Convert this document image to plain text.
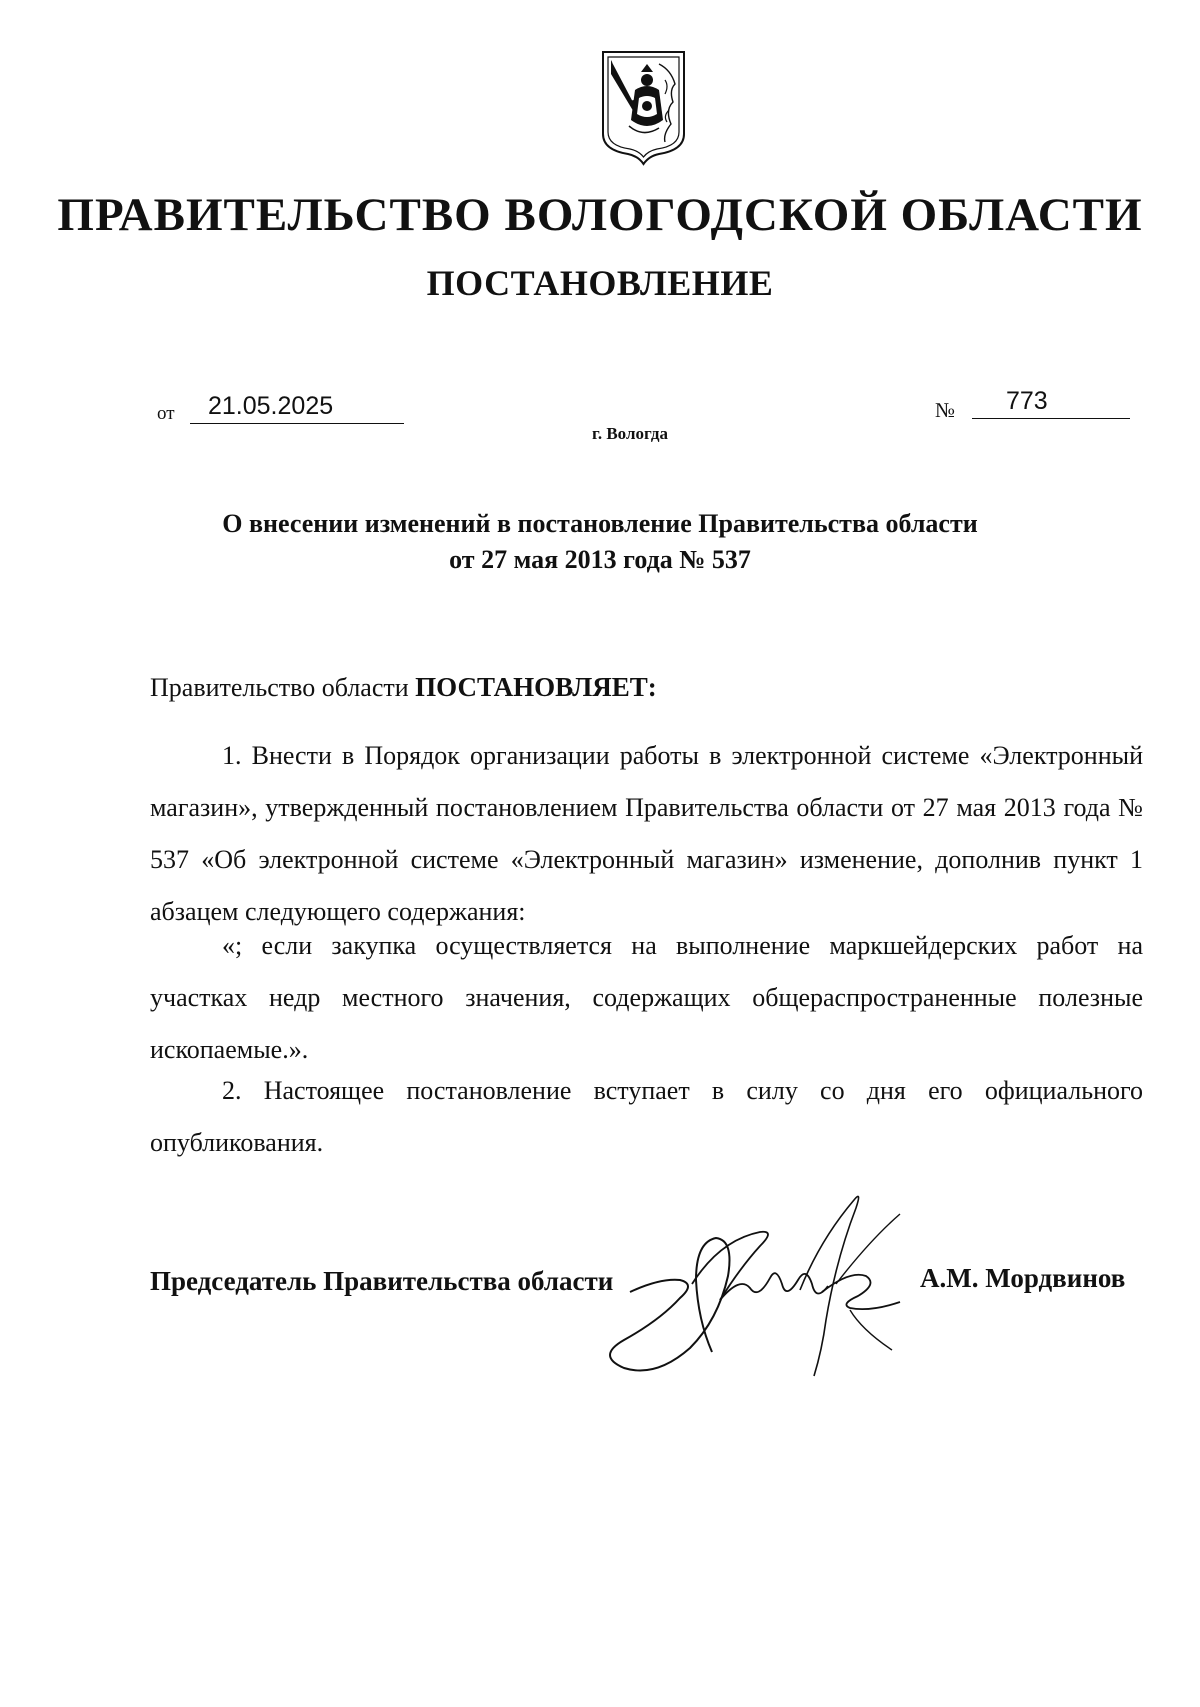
ПРАВИТЕЛЬСТВО ВОЛОГОДСКОЙ ОБЛАСТИ
ПОСТАНОВЛЕНИЕ
от	21.05.2025	№	773
г. Вологда
О внесении изменений в постановление Правительства области
от 27 мая 2013 года № 537
Правительство области ПОСТАНОВЛЯЕТ:

1. Внести в Порядок организации работы в электронной системе «Электронный магазин», утвержденный постановлением Правительства области от 27 мая 2013 года № 537 «Об электронной системе «Электронный магазин» изменение, дополнив пункт 1 абзацем следующего содержания:

«; если закупка осуществляется на выполнение маркшейдерских работ на участках недр местного значения, содержащих общераспространенные полезные ископаемые.».

2. Настоящее постановление вступает в силу со дня его официального опубликования.

Председатель Правительства области	А.М. Мордвинов
